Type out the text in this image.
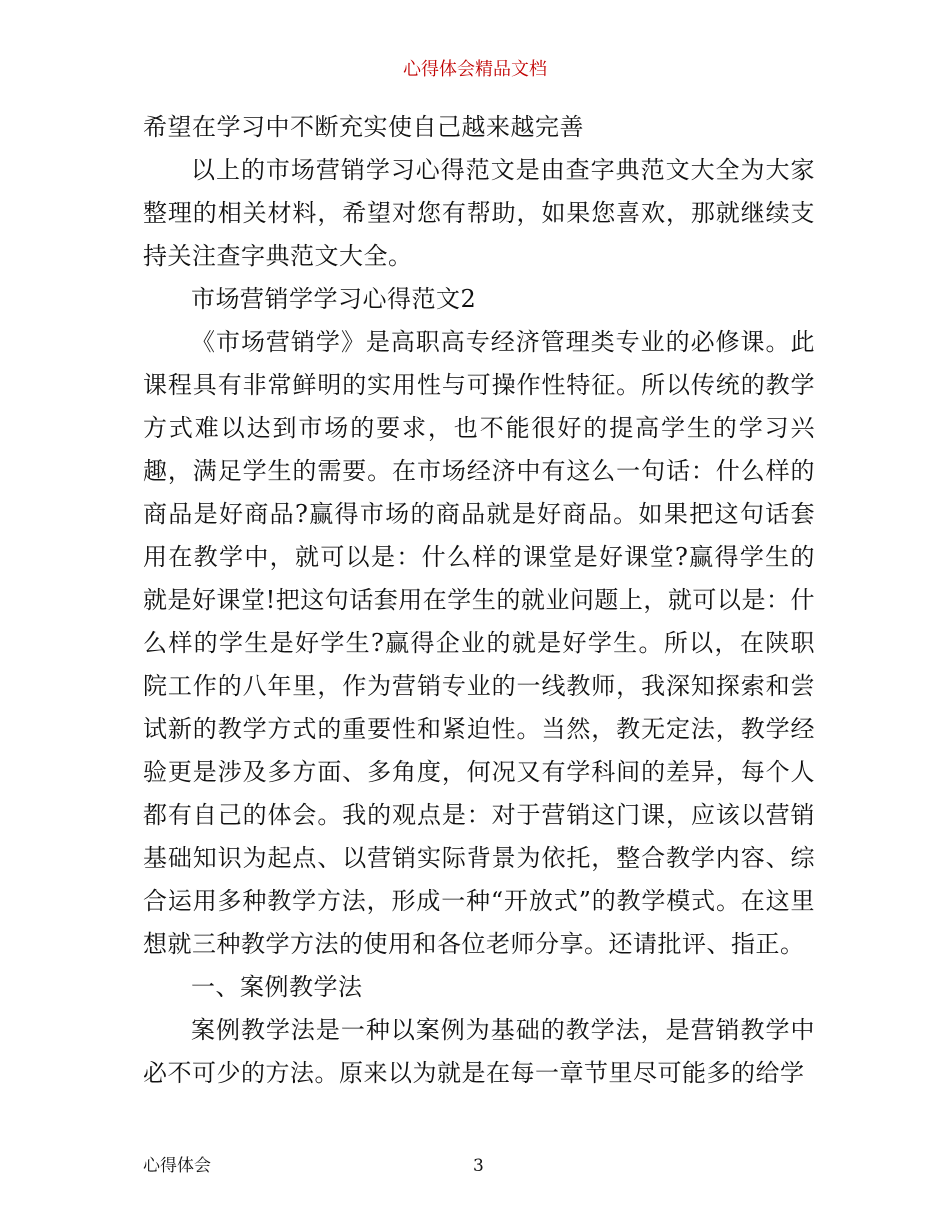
心得体会精品文档

希望在学习中不断充实使自己越来越完善

以上的市场营销学习心得范文是由查字典范文大全为大家整理的相关材料，希望对您有帮助，如果您喜欢，那就继续支持关注查字典范文大全。

市场营销学学习心得范文2

《市场营销学》是高职高专经济管理类专业的必修课。此课程具有非常鲜明的实用性与可操作性特征。所以传统的教学方式难以达到市场的要求，也不能很好的提高学生的学习兴趣，满足学生的需要。在市场经济中有这么一句话：什么样的商品是好商品?赢得市场的商品就是好商品。如果把这句话套用在教学中，就可以是：什么样的课堂是好课堂?赢得学生的就是好课堂!把这句话套用在学生的就业问题上，就可以是：什么样的学生是好学生?赢得企业的就是好学生。所以，在陕职院工作的八年里，作为营销专业的一线教师，我深知探索和尝试新的教学方式的重要性和紧迫性。当然，教无定法，教学经验更是涉及多方面、多角度，何况又有学科间的差异，每个人都有自己的体会。我的观点是：对于营销这门课，应该以营销基础知识为起点、以营销实际背景为依托，整合教学内容、综合运用多种教学方法，形成一种“开放式”的教学模式。在这里想就三种教学方法的使用和各位老师分享。还请批评、指正。

一、案例教学法

案例教学法是一种以案例为基础的教学法，是营销教学中必不可少的方法。原来以为就是在每一章节里尽可能多的给学

心得体会	3
